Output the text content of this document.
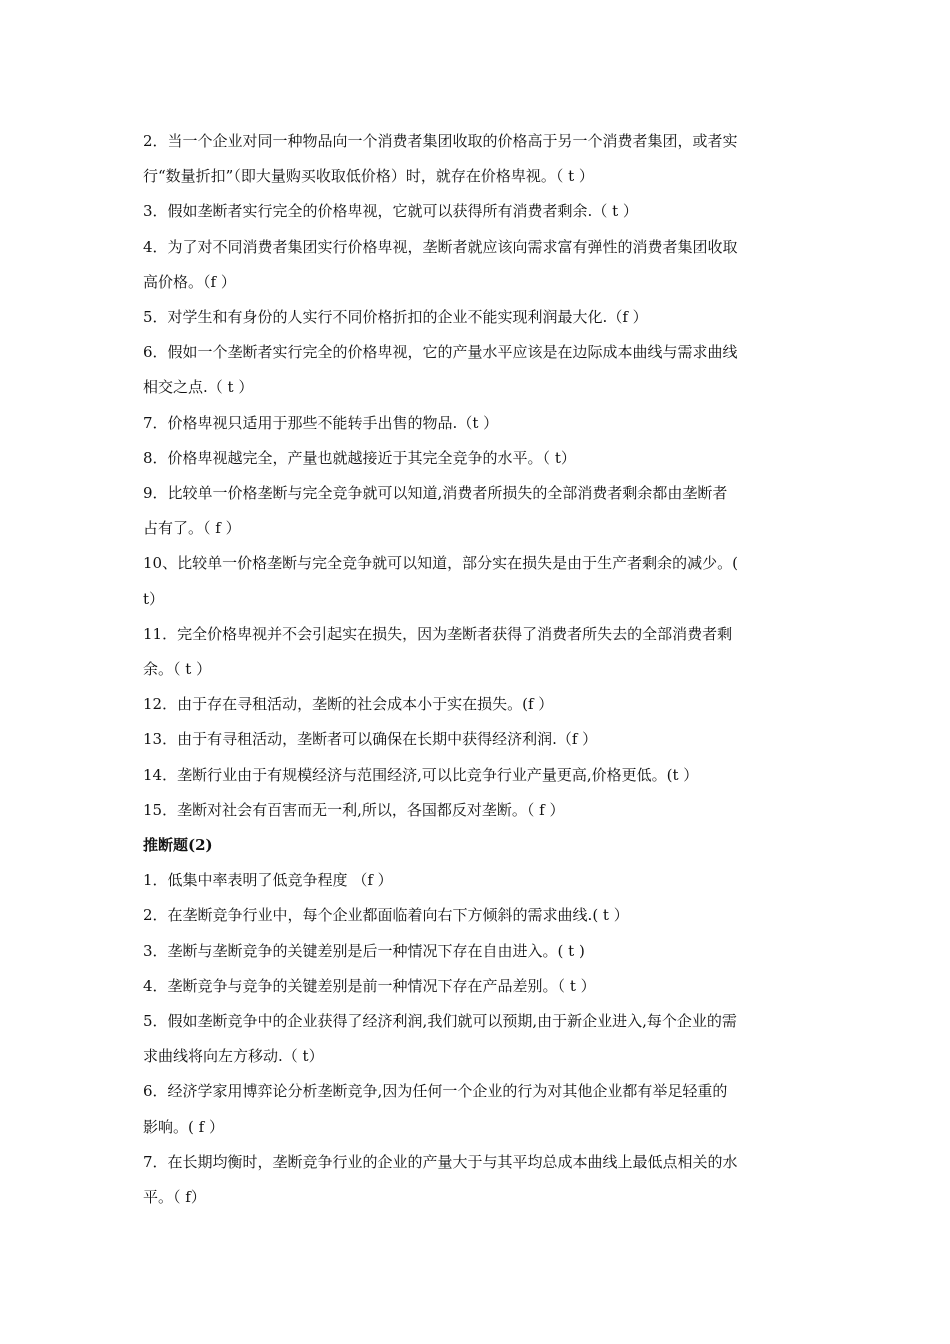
2．当一个企业对同一种物品向一个消费者集团收取的价格高于另一个消费者集团，或者实
行“数量折扣”（即大量购买收取低价格）时，就存在价格卑视。（ t ）
3．假如垄断者实行完全的价格卑视，它就可以获得所有消费者剩余.（ t ）
4．为了对不同消费者集团实行价格卑视，垄断者就应该向需求富有弹性的消费者集团收取
高价格。（f ）
5．对学生和有身份的人实行不同价格折扣的企业不能实现利润最大化.（f ）
6．假如一个垄断者实行完全的价格卑视，它的产量水平应该是在边际成本曲线与需求曲线
相交之点.（ t ）
7．价格卑视只适用于那些不能转手出售的物品.（t ）
8．价格卑视越完全，产量也就越接近于其完全竞争的水平。（ t）
9．比较单一价格垄断与完全竞争就可以知道,消费者所损失的全部消费者剩余都由垄断者
占有了。（ f ）
10、比较单一价格垄断与完全竞争就可以知道，部分实在损失是由于生产者剩余的减少。(
t）
11．完全价格卑视并不会引起实在损失，因为垄断者获得了消费者所失去的全部消费者剩
余。（ t ）
12．由于存在寻租活动，垄断的社会成本小于实在损失。(f ）
13．由于有寻租活动，垄断者可以确保在长期中获得经济利润.（f ）
14．垄断行业由于有规模经济与范围经济,可以比竞争行业产量更高,价格更低。(t ）
15．垄断对社会有百害而无一利,所以，各国都反对垄断。（ f ）
推断题(2)
1．低集中率表明了低竞争程度 （f ）
2．在垄断竞争行业中，每个企业都面临着向右下方倾斜的需求曲线.( t ）
3．垄断与垄断竞争的关键差别是后一种情况下存在自由进入。( t )
4．垄断竞争与竞争的关键差别是前一种情况下存在产品差别。（ t ）
5．假如垄断竞争中的企业获得了经济利润,我们就可以预期,由于新企业进入,每个企业的需
求曲线将向左方移动.（ t）
6．经济学家用博弈论分析垄断竞争,因为任何一个企业的行为对其他企业都有举足轻重的
影响。( f ）
7．在长期均衡时，垄断竞争行业的企业的产量大于与其平均总成本曲线上最低点相关的水
平。（ f）
